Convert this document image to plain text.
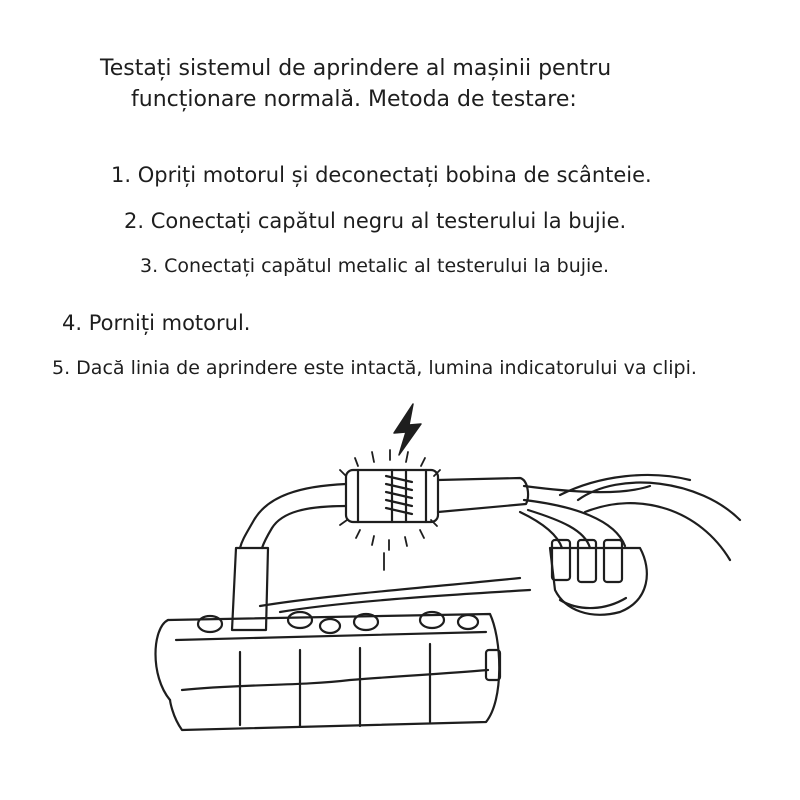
Testați sistemul de aprindere al mașinii pentru
funcționare normală. Metoda de testare:
1. Opriți motorul și deconectați bobina de scânteie.
2. Conectați capătul negru al testerului la bujie.
3. Conectați capătul metalic al testerului la bujie.
4. Porniți motorul.
5. Dacă linia de aprindere este intactă, lumina indicatorului va clipi.
